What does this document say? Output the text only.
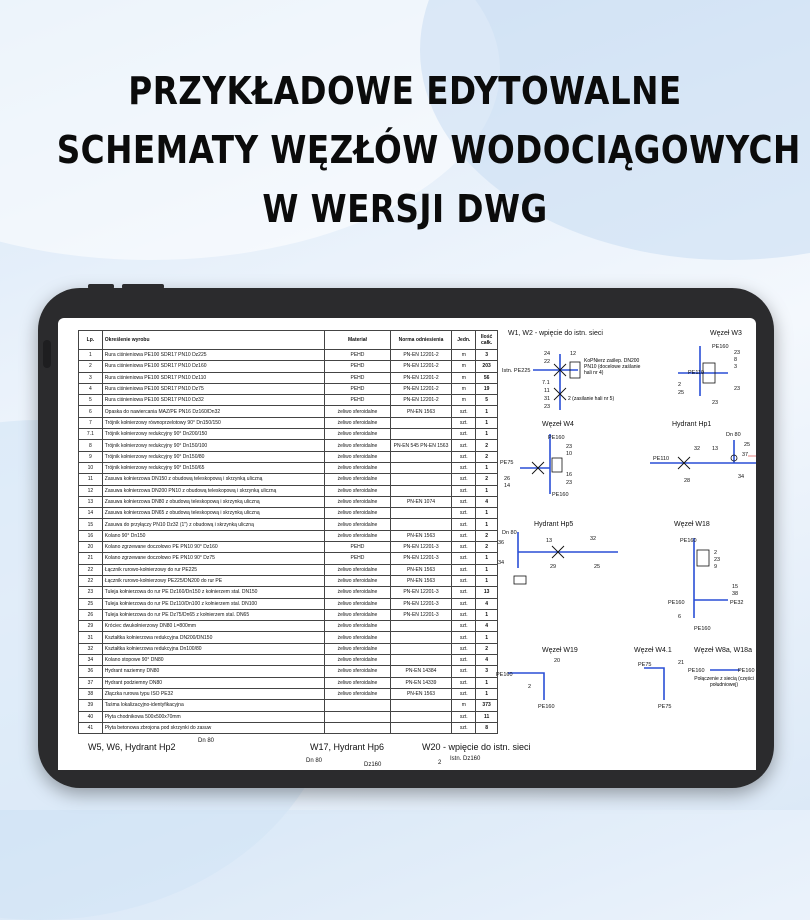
PRZYKŁADOWE EDYTOWALNE
SCHEMATY WĘZŁÓW WODOCIĄGOWYCH
W WERSJI DWG
Lp.	Określenie wyrobu	Materiał	Norma odniesienia	Jedn.	Ilość całk.
1	Rura ciśnieniowa PE100 SDR17 PN10 Dz225	PEHD	PN-EN 12201-2	m	3
2	Rura ciśnieniowa PE100 SDR17 PN10 Dz160	PEHD	PN-EN 12201-2	m	203
3	Rura ciśnieniowa PE100 SDR17 PN10 Dz110	PEHD	PN-EN 12201-2	m	56
4	Rura ciśnieniowa PE100 SDR17 PN10 Dz75	PEHD	PN-EN 12201-2	m	19
5	Rura ciśnieniowa PE100 SDR17 PN10 Dz32	PEHD	PN-EN 12201-2	m	5
6	Opaska do nawiercania MAZ/PE PN16 Dz160/Dn32	żeliwo sferoidalne	PN-EN 1563	szt.	1
7	Trójnik kołnierzowy równoprzelotowy 90° Dn150/150	żeliwo sferoidalne		szt.	1
7.1	Trójnik kołnierzowy redukcyjny 90° Dn200/150	żeliwo sferoidalne		szt.	1
8	Trójnik kołnierzowy redukcyjny 90° Dn150/100	żeliwo sferoidalne	PN-EN 545 PN-EN 1563	szt.	2
9	Trójnik kołnierzowy redukcyjny 90° Dn150/80	żeliwo sferoidalne		szt.	2
10	Trójnik kołnierzowy redukcyjny 90° Dn150/65	żeliwo sferoidalne		szt.	1
11	Zasuwa kołnierzowa DN150 z obudową teleskopową i skrzynką uliczną	żeliwo sferoidalne		szt.	2
12	Zasuwa kołnierzowa DN200 PN10 z obudową teleskopową i skrzynką uliczną	żeliwo sferoidalne		szt.	1
13	Zasuwa kołnierzowa DN80 z obudową teleskopową i skrzynką uliczną	żeliwo sferoidalne	PN-EN 1074	szt.	4
14	Zasuwa kołnierzowa DN65 z obudową teleskopową i skrzynką uliczną	żeliwo sferoidalne		szt.	1
15	Zasuwa do przyłączy PN10 Dz32 (1") z obudową i skrzynką uliczną	żeliwo sferoidalne		szt.	1
16	Kolano 90° Dn150	żeliwo sferoidalne	PN-EN 1563	szt.	2
20	Kolano zgrzewane doczołowo PE PN10 90° Dz160	PEHD	PN-EN 12201-3	szt.	2
21	Kolano zgrzewane doczołowo PE PN10 90° Dz75	PEHD	PN-EN 12201-3	szt.	1
22	Łącznik rurowo-kołnierzowy do rur PE225	żeliwo sferoidalne	PN-EN 1563	szt.	1
22	Łącznik rurowo-kołnierzowy PE225/DN200 do rur PE	żeliwo sferoidalne	PN-EN 1563	szt.	1
23	Tuleja kołnierzowa do rur PE Dz160/Dn150 z kołnierzem stal. DN150	żeliwo sferoidalne	PN-EN 12201-3	szt.	13
25	Tuleja kołnierzowa do rur PE Dz110/Dn100 z kołnierzem stal. DN100	żeliwo sferoidalne	PN-EN 12201-3	szt.	4
26	Tuleja kołnierzowa do rur PE Dz75/Dn65 z kołnierzem stal. DN65	żeliwo sferoidalne	PN-EN 12201-3	szt.	1
29	Króciec dwukołnierzowy DN80 L=800mm	żeliwo sferoidalne		szt.	4
31	Kształtka kołnierzowa redukcyjna DN200/DN150	żeliwo sferoidalne		szt.	1
32	Kształtka kołnierzowa redukcyjna Dn100/80	żeliwo sferoidalne		szt.	2
34	Kolano stopowe 90° DN80	żeliwo sferoidalne		szt.	4
36	Hydrant naziemny DN80	żeliwo sferoidalne	PN-EN 14384	szt.	3
37	Hydrant podziemny DN80	żeliwo sferoidalne	PN-EN 14339	szt.	1
38	Złączka rurowa typu ISO PE32	żeliwo sferoidalne	PN-EN 1563	szt.	1
39	Taśma lokalizacyjno-identyfikacyjna			m	373
40	Płyta chodnikowa 500x500x70mm			szt.	11
41	Płyta betonowa zbrojona pod skrzynki do zasuw			szt.	8
W1, W2 - wpięcie do istn. sieci
Istn. PE225
24	12
22
7.1
11
31
23
KoPNierz zaślep. DN200 PN10 (docelowe zaślanie hali nr 4)
2 (zasilanie hali nr 5)
Węzeł W3
PE160
PE110
23
8
3
2
25
23
23
Węzeł W4
PE160
PE75
PE160
23
10
26
14
16
23
Hydrant Hp1
Dn 80
PE110
32 13
37
25
28
34
Hydrant Hp5
Dn 80
36
34
13
29
32
25
Węzeł W18
PE160
PE160
PE160
PE32
2
23
9
15
38
6
Węzeł W19
PE160
PE160
20
2
Węzeł W4.1
PE75
PE75
21
Węzeł W8a, W18a
PE160	PE160
Połączenie z siecią (części południowej)
W5, W6, Hydrant Hp2
Dn 80
W17, Hydrant Hp6
Dn 80
Dz160
W20 - wpięcie do istn. sieci
Istn. Dz160
2
